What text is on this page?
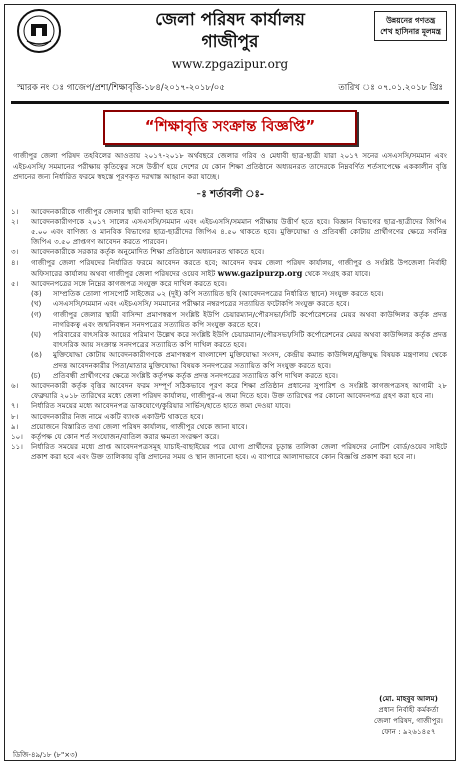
জেলা পরিষদ কার্যালয়
গাজীপুর
www.zpgazipur.org
উন্নয়নের গণতন্ত্র
শেখ হাসিনার মূলমন্ত্র
স্মারক নং ঃ গাজেপ/প্রশা/শিক্ষাবৃত্তি-১৮৪/২০১৭-২০১৮/০৫	তারিখ ঃ ০৭.০১.২০১৮ খ্রিঃ
“শিক্ষাবৃত্তি সংক্রান্ত বিজ্ঞপ্তি”
গাজীপুর জেলা পরিষদ তহবিলের আওতায় ২০১৭-২০১৮ অর্থবছরে জেলার গরিব ও মেধাবী ছাত্র-ছাত্রী যারা ২০১৭ সনের এসএসসি/সমমান এবং এইচএসসি/ সমমানের পরীক্ষায় কৃতিত্বের সঙ্গে উত্তীর্ণ হয়ে দেশের যে কোন শিক্ষা প্রতিষ্ঠানে অধ্যয়নরত তাদেরকে নিম্নবর্ণিত শর্তসাপেক্ষে এককালীন বৃত্তি প্রদানের জন্য নির্ধারিত ফরমে স্বহস্তে পূরণকৃত দরখাস্ত আহ্বান করা যাচ্ছে।
-ঃ শর্তাবলী ঃ-
১।	আবেদনকারীকে গাজীপুর জেলার স্থায়ী বাসিন্দা হতে হবে।
২।	আবেদনকারীগণকে ২০১৭ সালের এসএসসি/সমমান এবং এইচএসসি/সমমান পরীক্ষায় উত্তীর্ণ হতে হবে। বিজ্ঞান বিভাগের ছাত্র-ছাত্রীদের জিপিএ ৫.০০ এবং বাণিজ্য ও মানবিক বিভাগের ছাত্র-ছাত্রীদের জিপিএ ৪.৫০ থাকতে হবে। মুক্তিযোদ্ধা ও প্রতিবন্ধী কোটায় প্রার্থীগণের ক্ষেত্রে সর্বনিম্ন জিপিএ ৩.৫০ প্রাপ্তগণ আবেদন করতে পারবেন।
৩।	আবেদনকারীকে সরকার কর্তৃক অনুমোদিত শিক্ষা প্রতিষ্ঠানে অধ্যয়নরত থাকতে হবে।
৪।	গাজীপুর জেলা পরিষদের নির্ধারিত ফরমে আবেদন করতে হবে; আবেদন ফরম জেলা পরিষদ কার্যালয়, গাজীপুর ও সংশ্লিষ্ট উপজেলা নির্বাহী অফিসারের কার্যালয় অথবা গাজীপুর জেলা পরিষদের ওয়েব সাইট www.gazipurzp.org থেকে সংগ্রহ করা যাবে।
৫।	আবেদনপত্রের সঙ্গে নিম্নের কাগজপত্র সংযুক্ত করে দাখিল করতে হবে।
(ক)	সাম্প্রতিক তোলা পাসপোর্ট সাইজের ০২ (দুই) কপি সত্যায়িত ছবি (আবেদনপত্রের নির্ধারিত স্থানে) সংযুক্ত করতে হবে।
(খ)	এসএসসি/সমমান এবং এইচএসসি/ সমমানের পরীক্ষার নম্বরপত্রের সত্যায়িত ফটোকপি সংযুক্ত করতে হবে।
(গ)	গাজীপুর জেলার স্থায়ী বাসিন্দা প্রমাণস্বরূপ সংশ্লিষ্ট ইউপি চেয়ারম্যান/পৌরসভা/সিটি কর্পোরেশনের মেয়র অথবা কাউন্সিলর কর্তৃক প্রদত্ত নাগরিকত্ব এবং জন্মনিবন্ধন সনদপত্রের সত্যায়িত কপি সংযুক্ত করতে হবে।
(ঘ)	পরিবারের বাৎসরিক আয়ের পরিমাণ উল্লেখ করে সংশ্লিষ্ট ইউপি চেয়ারম্যান/পৌরসভা/সিটি কর্পোরেশনের মেয়র অথবা কাউন্সিলর কর্তৃক প্রদত্ত বাৎসরিক আয় সংক্রান্ত সনদপত্রের সত্যায়িত কপি দাখিল করতে হবে।
(ঙ)	মুক্তিযোদ্ধা কোটায় আবেদনকারীগণকে প্রমাণস্বরূপ বাংলাদেশ মুক্তিযোদ্ধা সংসদ, কেন্দ্রীয় কমান্ড কাউন্সিল/মুক্তিযুদ্ধ বিষয়ক মন্ত্রণালয় থেকে প্রদত্ত আবেদনকারীর পিতা/মাতার মুক্তিযোদ্ধা বিষয়ক সনদপত্রের সত্যায়িত কপি সংযুক্ত করতে হবে।
(চ)	প্রতিবন্ধী প্রার্থীগণের ক্ষেত্রে সংশ্লিষ্ট কর্তৃপক্ষ কর্তৃক প্রদত্ত সনদপত্রের সত্যায়িত কপি দাখিল করতে হবে।
৬।	আবেদনকারী কর্তৃক বৃত্তির আবেদন ফরম সম্পূর্ণ সঠিকভাবে পূরণ করে শিক্ষা প্রতিষ্ঠান প্রধানের সুপারিশ ও সংশ্লিষ্ট কাগজপত্রসহ আগামী ২৮ ফেব্রুয়ারি ২০১৮ তারিখের মধ্যে জেলা পরিষদ কার্যালয়, গাজীপুর-এ জমা দিতে হবে। উক্ত তারিখের পর কোনো আবেদনপত্র গ্রহণ করা হবে না।
৭।	নির্ধারিত সময়ের মধ্যে আবেদনপত্র ডাকযোগে/কুরিয়ার সার্ভিস/হাতে হাতে জমা দেওয়া যাবে।
৮।	আবেদনকারীর নিজ নামে একটি ব্যাংক একাউন্ট থাকতে হবে।
৯।	প্রয়োজনে বিস্তারিত তথ্য জেলা পরিষদ কার্যালয়, গাজীপুর থেকে জানা যাবে।
১০।	কর্তৃপক্ষ যে কোন শর্ত সংযোজন/বাতিল করার ক্ষমতা সংরক্ষণ করে।
১১।	নির্ধারিত সময়ের মধ্যে প্রাপ্ত আবেদনপত্রসমূহ যাচাই-বাছাইয়ের পরে যোগ্য প্রার্থীদের চূড়ান্ত তালিকা জেলা পরিষদের নোটিশ বোর্ড/ওয়েব সাইটে প্রকাশ করা হবে এবং উক্ত তালিকায় বৃত্তি প্রদানের সময় ও স্থান জানানো হবে। এ ব্যাপারে আলাদাভাবে কোন বিজ্ঞপ্তি প্রকাশ করা হবে না।
(মো. মাহবুব আলম)
প্রধান নির্বাহী কর্মকর্তা
জেলা পরিষদ, গাজীপুর।
ফোন : ৯২৬১৪৫৭
ডিজি-৪৯/১৮ (৮"×৩)
